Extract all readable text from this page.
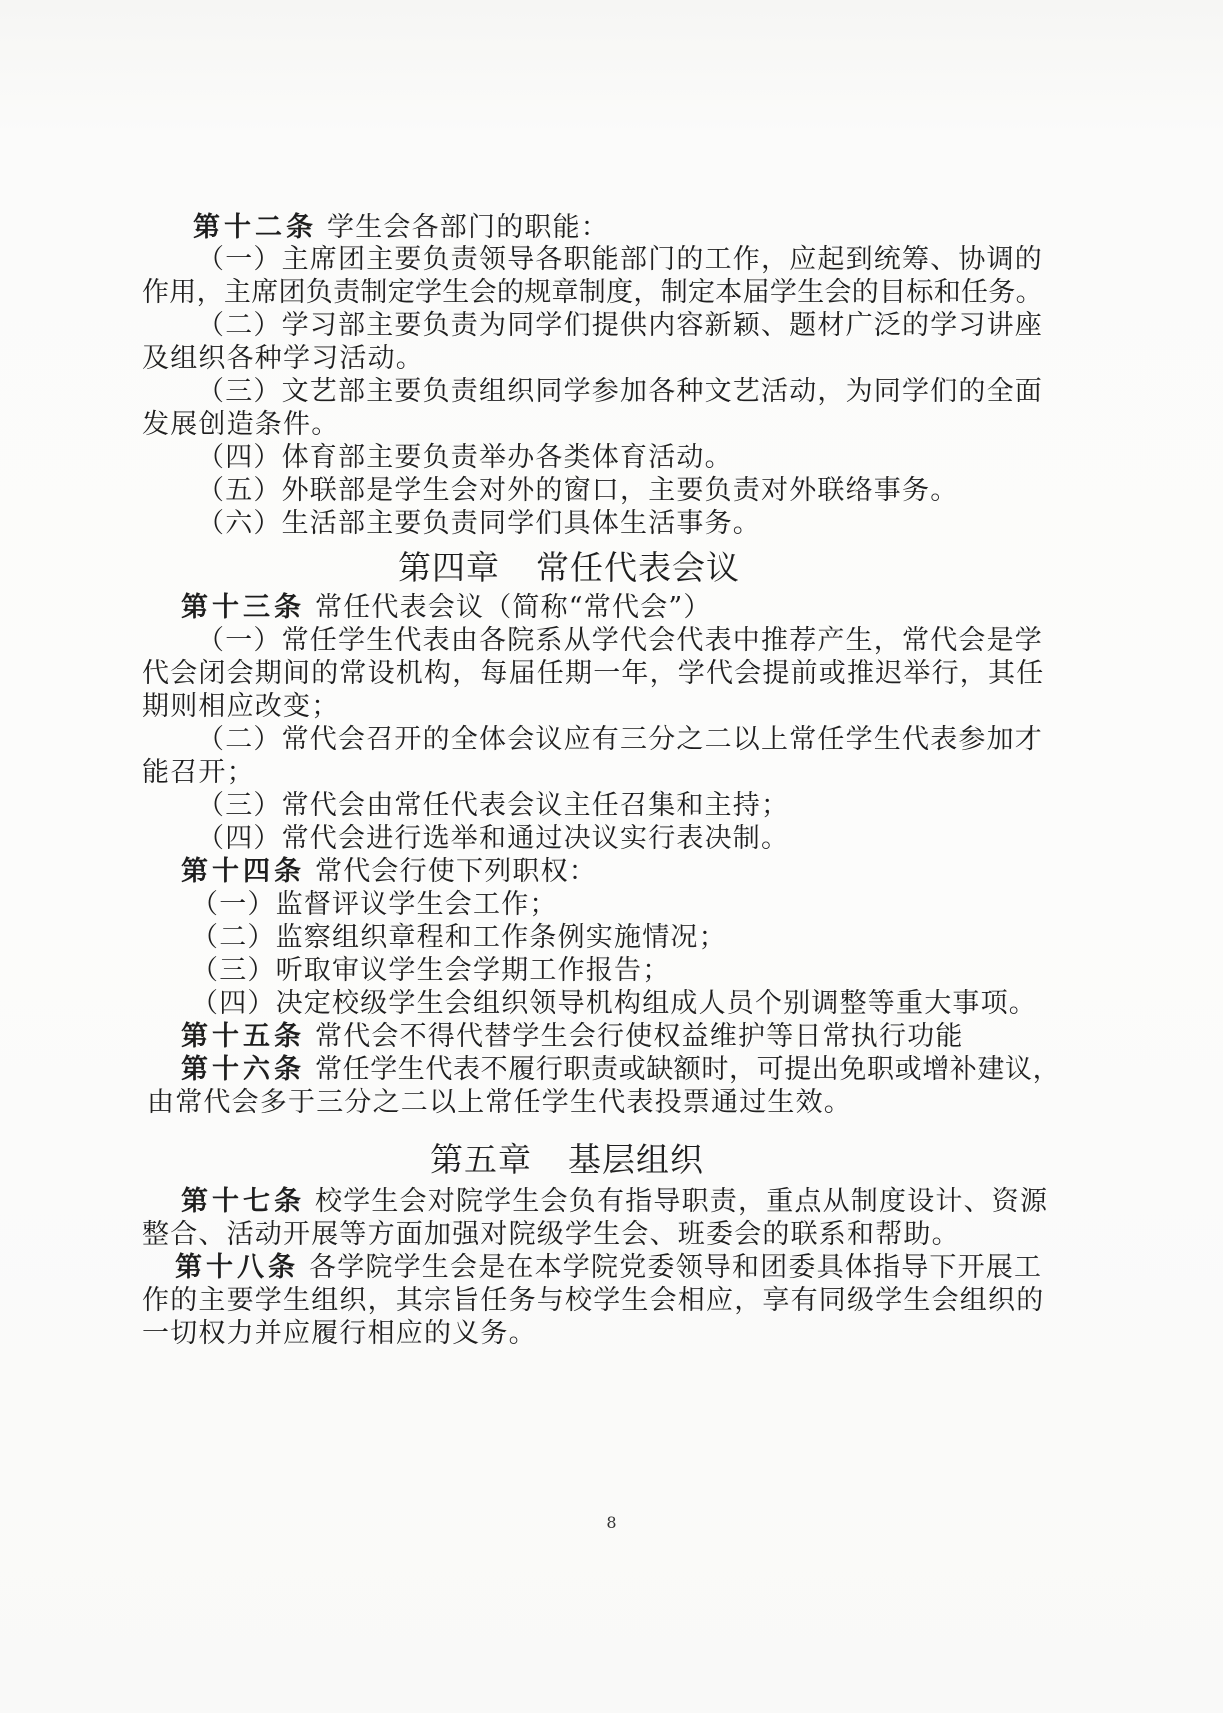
第十二条 学生会各部门的职能：
（一）主席团主要负责领导各职能部门的工作，应起到统筹、协调的
作用，主席团负责制定学生会的规章制度，制定本届学生会的目标和任务。
（二）学习部主要负责为同学们提供内容新颖、题材广泛的学习讲座
及组织各种学习活动。
（三）文艺部主要负责组织同学参加各种文艺活动，为同学们的全面
发展创造条件。
（四）体育部主要负责举办各类体育活动。
（五）外联部是学生会对外的窗口，主要负责对外联络事务。
（六）生活部主要负责同学们具体生活事务。
第四章 常任代表会议
第十三条 常任代表会议（简称“常代会”）
（一）常任学生代表由各院系从学代会代表中推荐产生，常代会是学
代会闭会期间的常设机构，每届任期一年，学代会提前或推迟举行，其任
期则相应改变；
（二）常代会召开的全体会议应有三分之二以上常任学生代表参加才
能召开；
（三）常代会由常任代表会议主任召集和主持；
（四）常代会进行选举和通过决议实行表决制。
第十四条 常代会行使下列职权：
（一）监督评议学生会工作；
（二）监察组织章程和工作条例实施情况；
（三）听取审议学生会学期工作报告；
（四）决定校级学生会组织领导机构组成人员个别调整等重大事项。
第十五条 常代会不得代替学生会行使权益维护等日常执行功能
第十六条 常任学生代表不履行职责或缺额时，可提出免职或增补建议，
由常代会多于三分之二以上常任学生代表投票通过生效。
第五章 基层组织
第十七条 校学生会对院学生会负有指导职责，重点从制度设计、资源
整合、活动开展等方面加强对院级学生会、班委会的联系和帮助。
第十八条 各学院学生会是在本学院党委领导和团委具体指导下开展工
作的主要学生组织，其宗旨任务与校学生会相应，享有同级学生会组织的
一切权力并应履行相应的义务。
8
